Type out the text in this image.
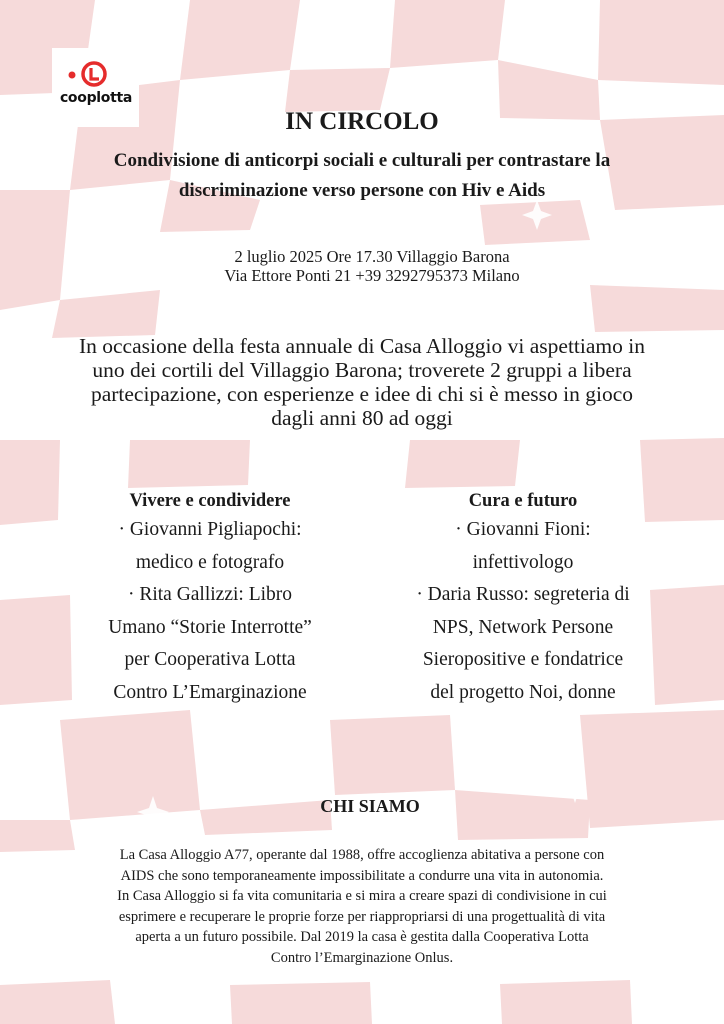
cooplotta
IN CIRCOLO
Condivisione di anticorpi sociali e culturali per contrastare la
discriminazione verso persone con Hiv e Aids
2 luglio 2025 Ore 17.30 Villaggio Barona
Via Ettore Ponti 21 +39 3292795373 Milano
In occasione della festa annuale di Casa Alloggio vi aspettiamo in
uno dei cortili del Villaggio Barona; troverete 2 gruppi a libera
partecipazione, con esperienze e idee di chi si è messo in gioco
dagli anni 80 ad oggi
Vivere e condividere
· Giovanni Pigliapochi:
medico e fotografo
· Rita Gallizzi: Libro
Umano “Storie Interrotte”
per Cooperativa Lotta
Contro L’Emarginazione
Cura e futuro
· Giovanni Fioni:
infettivologo
· Daria Russo: segreteria di
NPS, Network Persone
Sieropositive e fondatrice
del progetto Noi, donne
CHI SIAMO
La Casa Alloggio A77, operante dal 1988, offre accoglienza abitativa a persone con
AIDS che sono temporaneamente impossibilitate a condurre una vita in autonomia.
In Casa Alloggio si fa vita comunitaria e si mira a creare spazi di condivisione in cui
esprimere e recuperare le proprie forze per riappropriarsi di una progettualità di vita
aperta a un futuro possibile. Dal 2019 la casa è gestita dalla Cooperativa Lotta
Contro l’Emarginazione Onlus.
